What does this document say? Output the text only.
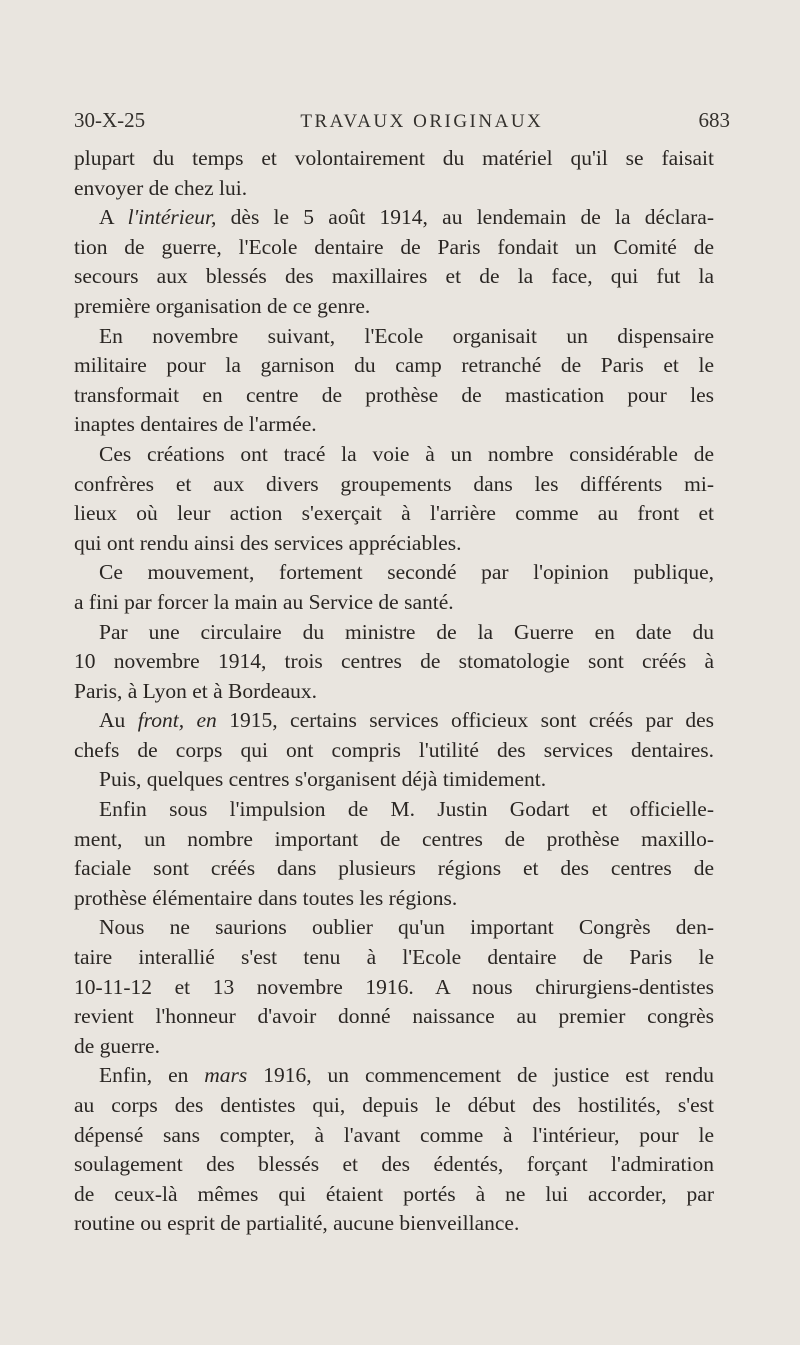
30-X-25	TRAVAUX ORIGINAUX	683
plupart du temps et volontairement du matériel qu'il se faisait
envoyer de chez lui.
A l'intérieur, dès le 5 août 1914, au lendemain de la déclara-
tion de guerre, l'Ecole dentaire de Paris fondait un Comité de
secours aux blessés des maxillaires et de la face, qui fut la
première organisation de ce genre.
En novembre suivant, l'Ecole organisait un dispensaire
militaire pour la garnison du camp retranché de Paris et le
transformait en centre de prothèse de mastication pour les
inaptes dentaires de l'armée.
Ces créations ont tracé la voie à un nombre considérable de
confrères et aux divers groupements dans les différents mi-
lieux où leur action s'exerçait à l'arrière comme au front et
qui ont rendu ainsi des services appréciables.
Ce mouvement, fortement secondé par l'opinion publique,
a fini par forcer la main au Service de santé.
Par une circulaire du ministre de la Guerre en date du
10 novembre 1914, trois centres de stomatologie sont créés à
Paris, à Lyon et à Bordeaux.
Au front, en 1915, certains services officieux sont créés par des
chefs de corps qui ont compris l'utilité des services dentaires.
Puis, quelques centres s'organisent déjà timidement.
Enfin sous l'impulsion de M. Justin Godart et officielle-
ment, un nombre important de centres de prothèse maxillo-
faciale sont créés dans plusieurs régions et des centres de
prothèse élémentaire dans toutes les régions.
Nous ne saurions oublier qu'un important Congrès den-
taire interallié s'est tenu à l'Ecole dentaire de Paris le
10-11-12 et 13 novembre 1916. A nous chirurgiens-dentistes
revient l'honneur d'avoir donné naissance au premier congrès
de guerre.
Enfin, en mars 1916, un commencement de justice est rendu
au corps des dentistes qui, depuis le début des hostilités, s'est
dépensé sans compter, à l'avant comme à l'intérieur, pour le
soulagement des blessés et des édentés, forçant l'admiration
de ceux-là mêmes qui étaient portés à ne lui accorder, par
routine ou esprit de partialité, aucune bienveillance.
